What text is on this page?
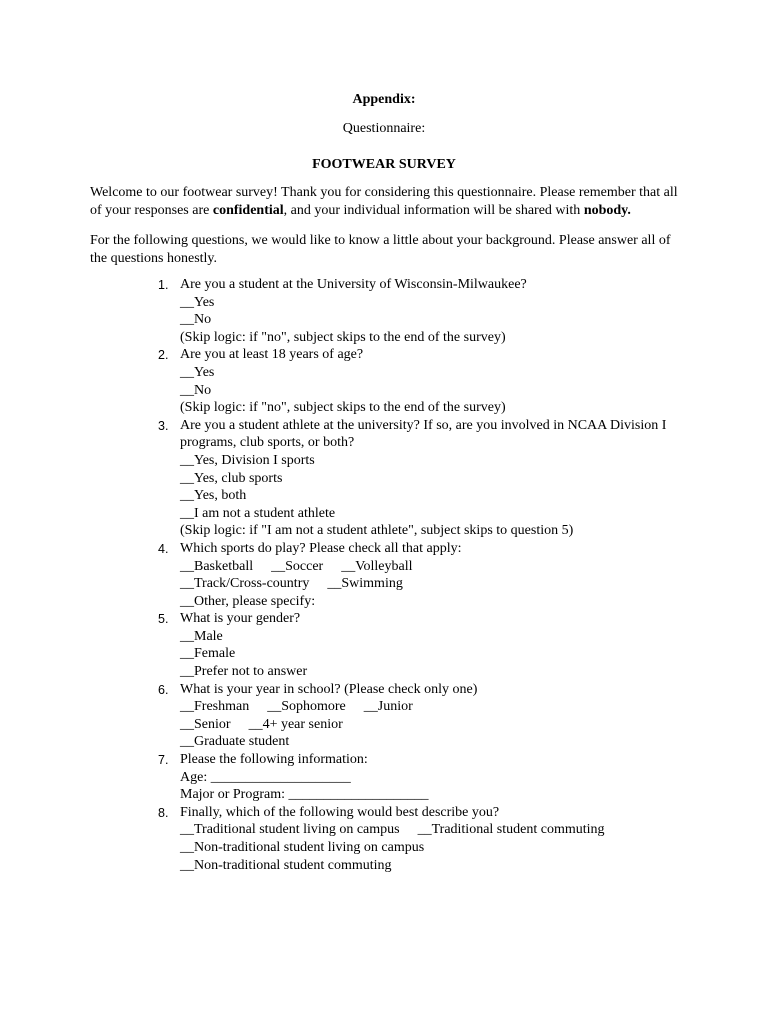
Appendix:
Questionnaire:
FOOTWEAR SURVEY
Welcome to our footwear survey! Thank you for considering this questionnaire. Please remember that all of your responses are confidential, and your individual information will be shared with nobody.
For the following questions, we would like to know a little about your background. Please answer all of the questions honestly.
1. Are you a student at the University of Wisconsin-Milwaukee?
__Yes
__No
(Skip logic: if "no", subject skips to the end of the survey)
2. Are you at least 18 years of age?
__Yes
__No
(Skip logic: if "no", subject skips to the end of the survey)
3. Are you a student athlete at the university? If so, are you involved in NCAA Division I programs, club sports, or both?
__Yes, Division I sports
__Yes, club sports
__Yes, both
__I am not a student athlete
(Skip logic: if "I am not a student athlete", subject skips to question 5)
4. Which sports do play? Please check all that apply:
__Basketball __Soccer __Volleyball
__Track/Cross-country __Swimming
__Other, please specify:
5. What is your gender?
__Male
__Female
__Prefer not to answer
6. What is your year in school? (Please check only one)
__Freshman __Sophomore __Junior
__Senior __4+ year senior
__Graduate student
7. Please the following information:
Age: ____________________
Major or Program: ____________________
8. Finally, which of the following would best describe you?
__Traditional student living on campus __Traditional student commuting
__Non-traditional student living on campus
__Non-traditional student commuting
